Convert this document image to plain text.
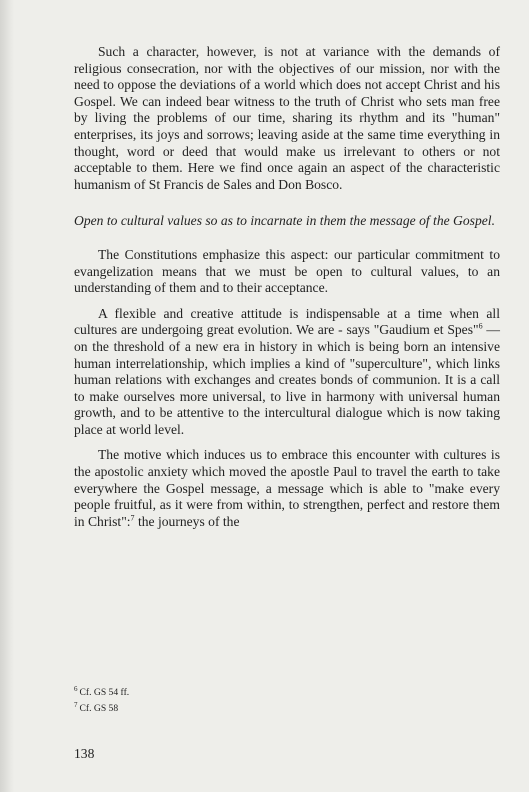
Such a character, however, is not at variance with the demands of religious consecration, nor with the objectives of our mission, nor with the need to oppose the deviations of a world which does not accept Christ and his Gospel. We can indeed bear witness to the truth of Christ who sets man free by living the problems of our time, sharing its rhythm and its "human" enterprises, its joys and sorrows; leaving aside at the same time everything in thought, word or deed that would make us irrelevant to others or not acceptable to them. Here we find once again an aspect of the characteristic humanism of St Francis de Sales and Don Bosco.

Open to cultural values so as to incarnate in them the message of the Gospel.

The Constitutions emphasize this aspect: our particular commitment to evangelization means that we must be open to cultural values, to an understanding of them and to their acceptance.

A flexible and creative attitude is indispensable at a time when all cultures are undergoing great evolution. We are - says "Gaudium et Spes"$^6$ — on the threshold of a new era in history in which is being born an intensive human interrelationship, which implies a kind of "superculture", which links human relations with exchanges and creates bonds of communion. It is a call to make ourselves more universal, to live in harmony with universal human growth, and to be attentive to the intercultural dialogue which is now taking place at world level.

The motive which induces us to embrace this encounter with cultures is the apostolic anxiety which moved the apostle Paul to travel the earth to take everywhere the Gospel message, a message which is able to "make every people fruitful, as it were from within, to strengthen, perfect and restore them in Christ":$^7$ the journeys of the

$^6$ Cf. GS 54 ff.
$^7$ Cf. GS 58
138
